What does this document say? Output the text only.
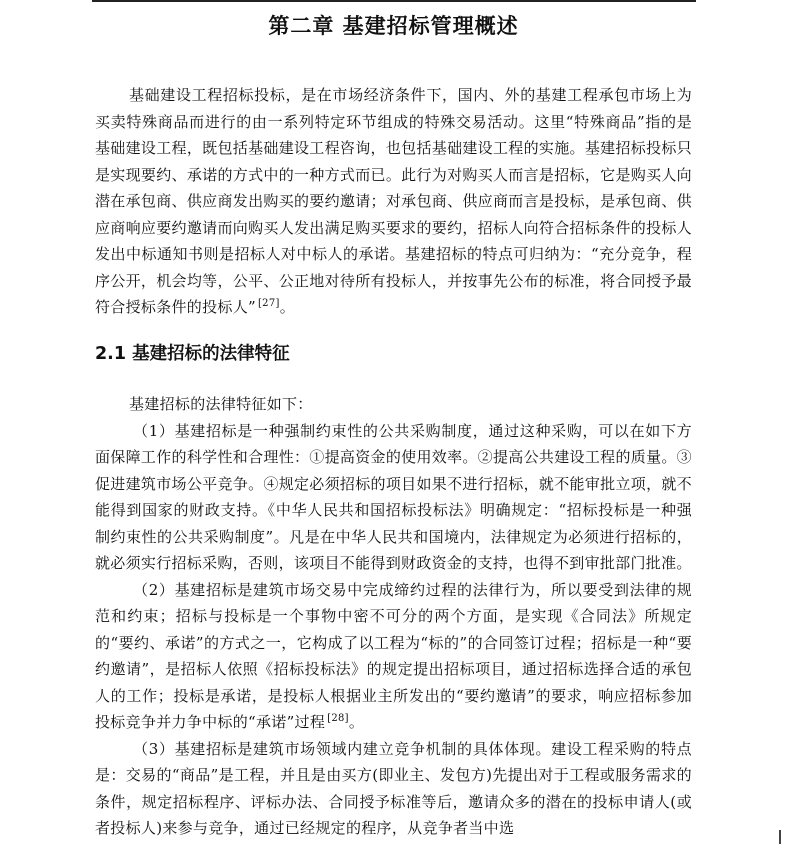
第二章 基建招标管理概述

基础建设工程招标投标，是在市场经济条件下，国内、外的基建工程承包市场上为买卖特殊商品而进行的由一系列特定环节组成的特殊交易活动。这里“特殊商品”指的是基础建设工程，既包括基础建设工程咨询，也包括基础建设工程的实施。基建招标投标只是实现要约、承诺的方式中的一种方式而已。此行为对购买人而言是招标，它是购买人向潜在承包商、供应商发出购买的要约邀请；对承包商、供应商而言是投标，是承包商、供应商响应要约邀请而向购买人发出满足购买要求的要约，招标人向符合招标条件的投标人发出中标通知书则是招标人对中标人的承诺。基建招标的特点可归纳为：“充分竞争，程序公开，机会均等，公平、公正地对待所有投标人，并按事先公布的标准，将合同授予最符合授标条件的投标人” [27]。

2.1 基建招标的法律特征

基建招标的法律特征如下：

（1）基建招标是一种强制约束性的公共采购制度，通过这种采购，可以在如下方面保障工作的科学性和合理性：①提高资金的使用效率。②提高公共建设工程的质量。③促进建筑市场公平竞争。④规定必须招标的项目如果不进行招标，就不能审批立项，就不能得到国家的财政支持。《中华人民共和国招标投标法》明确规定：“招标投标是一种强制约束性的公共采购制度”。凡是在中华人民共和国境内，法律规定为必须进行招标的，就必须实行招标采购，否则，该项目不能得到财政资金的支持，也得不到审批部门批准。

（2）基建招标是建筑市场交易中完成缔约过程的法律行为，所以要受到法律的规范和约束；招标与投标是一个事物中密不可分的两个方面，是实现《合同法》所规定的“要约、承诺”的方式之一，它构成了以工程为“标的”的合同签订过程；招标是一种“要约邀请”，是招标人依照《招标投标法》的规定提出招标项目，通过招标选择合适的承包人的工作；投标是承诺，是投标人根据业主所发出的“要约邀请”的要求，响应招标参加投标竞争并力争中标的“承诺”过程 [28]。

（3）基建招标是建筑市场领域内建立竞争机制的具体体现。建设工程采购的特点是：交易的“商品”是工程，并且是由买方(即业主、发包方)先提出对于工程或服务需求的条件，规定招标程序、评标办法、合同授予标准等后，邀请众多的潜在的投标申请人(或者投标人)来参与竞争，通过已经规定的程序，从竞争者当中选
